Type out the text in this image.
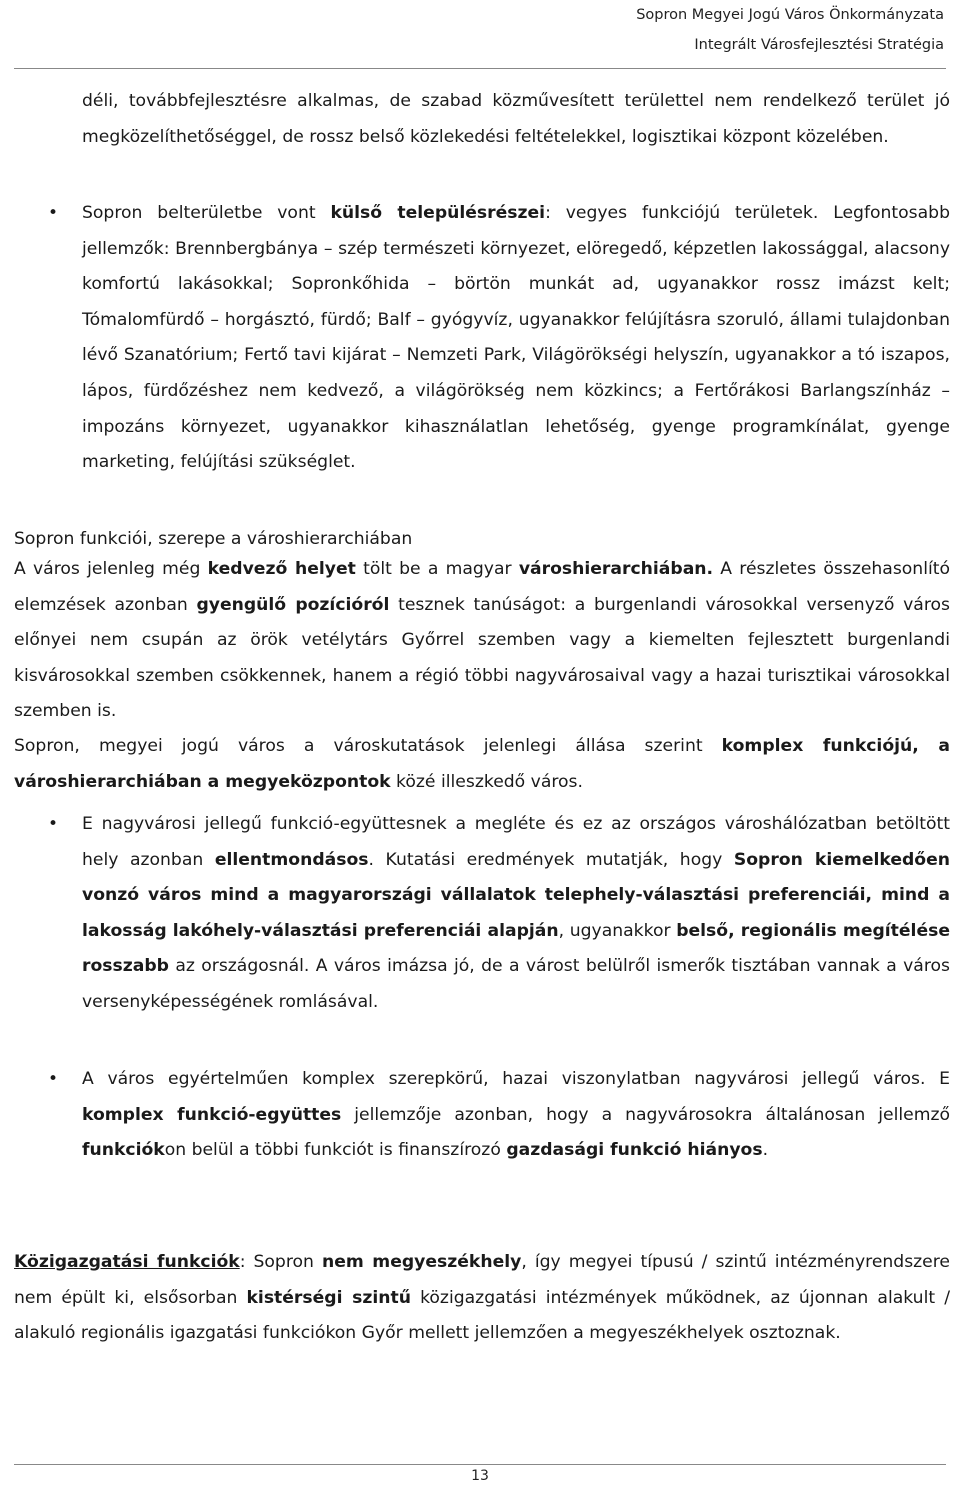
Sopron Megyei Jogú Város Önkormányzata
Integrált Városfejlesztési Stratégia

déli, továbbfejlesztésre alkalmas, de szabad közművesített területtel nem rendelkező terület jó megközelíthetőséggel, de rossz belső közlekedési feltételekkel, logisztikai központ közelében.

• Sopron belterületbe vont külső településrészei: vegyes funkciójú területek. Legfontosabb jellemzők: Brennbergbánya – szép természeti környezet, elöregedő, képzetlen lakossággal, alacsony komfortú lakásokkal; Sopronkőhida – börtön munkát ad, ugyanakkor rossz imázst kelt; Tómalomfürdő – horgásztó, fürdő; Balf – gyógyvíz, ugyanakkor felújításra szoruló, állami tulajdonban lévő Szanatórium; Fertő tavi kijárat – Nemzeti Park, Világörökségi helyszín, ugyanakkor a tó iszapos, lápos, fürdőzéshez nem kedvező, a világörökség nem közkincs; a Fertőrákosi Barlangszínház – impozáns környezet, ugyanakkor kihasználatlan lehetőség, gyenge programkínálat, gyenge marketing, felújítási szükséglet.

Sopron funkciói, szerepe a városhierarchiában

A város jelenleg még kedvező helyet tölt be a magyar városhierarchiában. A részletes összehasonlító elemzések azonban gyengülő pozícióról tesznek tanúságot: a burgenlandi városokkal versenyző város előnyei nem csupán az örök vetélytárs Győrrel szemben vagy a kiemelten fejlesztett burgenlandi kisvárosokkal szemben csökkennek, hanem a régió többi nagyvárosaival vagy a hazai turisztikai városokkal szemben is.

Sopron, megyei jogú város a városkutatások jelenlegi állása szerint komplex funkciójú, a városhierarchiában a megyeközpontok közé illeszkedő város.

• E nagyvárosi jellegű funkció-együttesnek a megléte és ez az országos városhálózatban betöltött hely azonban ellentmondásos. Kutatási eredmények mutatják, hogy Sopron kiemelkedően vonzó város mind a magyarországi vállalatok telephely-választási preferenciái, mind a lakosság lakóhely-választási preferenciái alapján, ugyanakkor belső, regionális megítélése rosszabb az országosnál. A város imázsa jó, de a várost belülről ismerők tisztában vannak a város versenyképességének romlásával.

• A város egyértelműen komplex szerepkörű, hazai viszonylatban nagyvárosi jellegű város. E komplex funkció-együttes jellemzője azonban, hogy a nagyvárosokra általánosan jellemző funkciókon belül a többi funkciót is finanszírozó gazdasági funkció hiányos.

Közigazgatási funkciók: Sopron nem megyeszékhely, így megyei típusú / szintű intézményrendszere nem épült ki, elsősorban kistérségi szintű közigazgatási intézmények működnek, az újonnan alakult / alakuló regionális igazgatási funkciókon Győr mellett jellemzően a megyeszékhelyek osztoznak.

13
